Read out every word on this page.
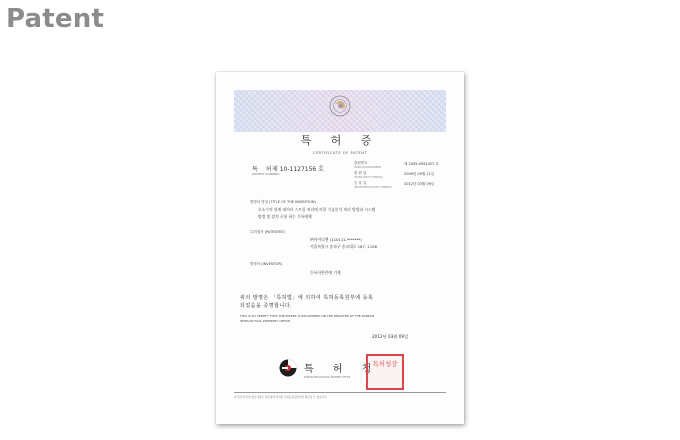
Patent
특 허 증
CERTIFICATE OF PATENT
특 허
제 10-1127156 호
(PATENT NUMBER)
출원번호
(APPLICATION NUMBER)
제 2009-0091427 호
출 원 일
(FILING DATE:YY/MM/DD)
2009년 09월 11일
등 록 일
(REGISTRATION DATE:YY/MM/DD)
2012년 03월 09일
발명의 명칭 (TITLE OF THE INVENTION)
초소수의 관계 데이터 스트림 처리에 의한 기술분석 처리 방법과 시스템
방법 및 장치 포함 하는 기록매체
특허권자 (PATENTEE)
㈜아이티엔 (110111-*******)
서울특별시 송파구 송파대로 167, 1108
발명자 (INVENTOR)
등록사항란에 기재
위의 발명은 「특허법」에 의하여 특허등록원부에 등록
되었음을 증명합니다.
THIS IS TO CERTIFY THAT THE PATENT IS REGISTERED ON THE REGISTER OF THE KOREAN
INTELLECTUAL PROPERTY OFFICE.
2012년 03월 09일
특 허 청
KOREAN INTELLECTUAL PROPERTY OFFICE
특허청장
위 권리에 관한 변동사항은 특허청에 비치된 특허등록원부에서 확인할 수 있습니다.
